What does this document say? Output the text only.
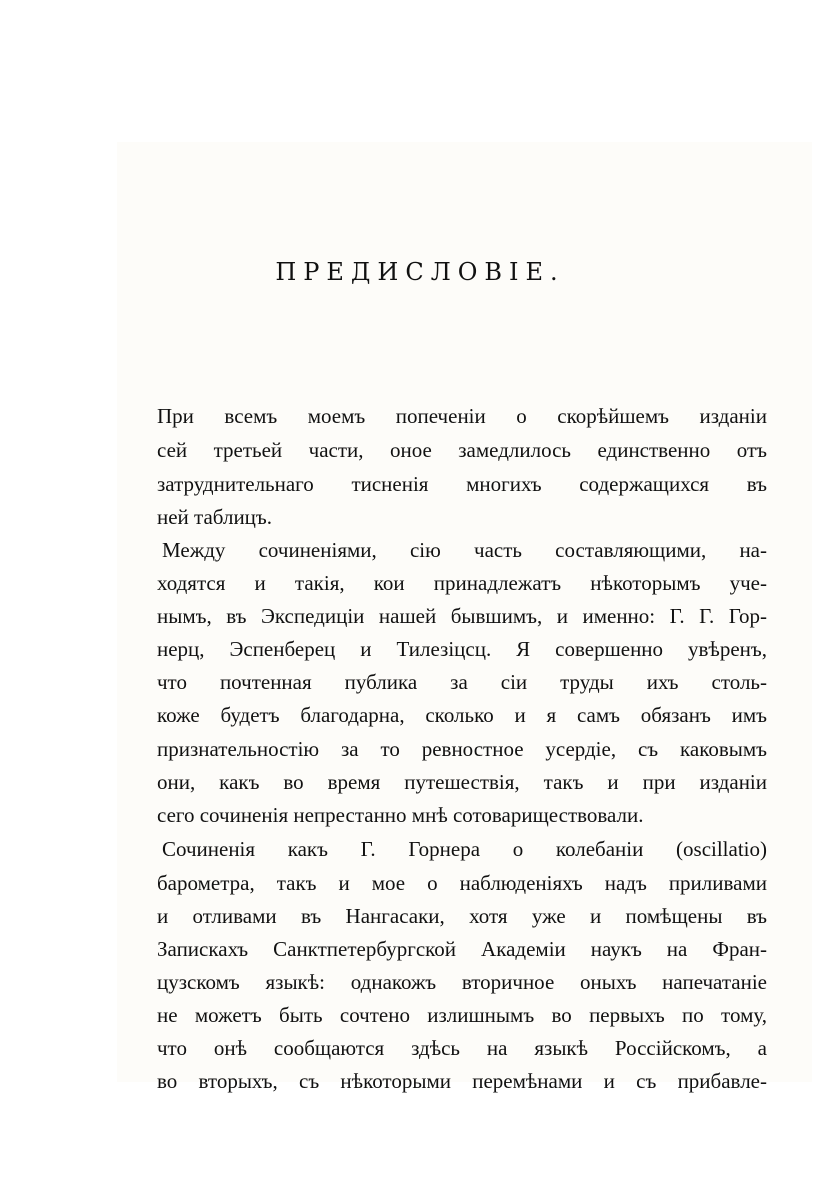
ПРЕДИСЛОВІЕ.
При всемъ моемъ попеченіи о скорѣйшемъ изданіи
сей третьей части, оное замедлилось единственно отъ
затруднительнаго тисненія многихъ содержащихся въ
ней таблицъ.
Между сочиненіями, сію часть составляющими, на-
ходятся и такія, кои принадлежатъ нѣкоторымъ уче-
нымъ, въ Экспедиціи нашей бывшимъ, и именно: Г. Г. Гор-
нерц, Эспенберец и Тилезіцсц. Я совершенно увѣренъ,
что почтенная публика за сіи труды ихъ столь-
коже будетъ благодарна, сколько и я самъ обязанъ имъ
признательностію за то ревностное усердіе, съ каковымъ
они, какъ во время путешествія, такъ и при изданіи
сего сочиненія непрестанно мнѣ сотовариществовали.
Сочиненія какъ Г. Горнера о колебаніи (oscillatio)
барометра, такъ и мое о наблюденіяхъ надъ приливами
и отливами въ Нангасаки, хотя уже и помѣщены въ
Запискахъ Санктпетербургской Академіи наукъ на Фран-
цузскомъ языкѣ: однакожъ вторичное оныхъ напечатаніе
не можетъ быть сочтено излишнымъ во первыхъ по тому,
что онѣ сообщаются здѣсь на языкѣ Россійскомъ, а
во вторыхъ, съ нѣкоторыми перемѣнами и съ прибавле-
